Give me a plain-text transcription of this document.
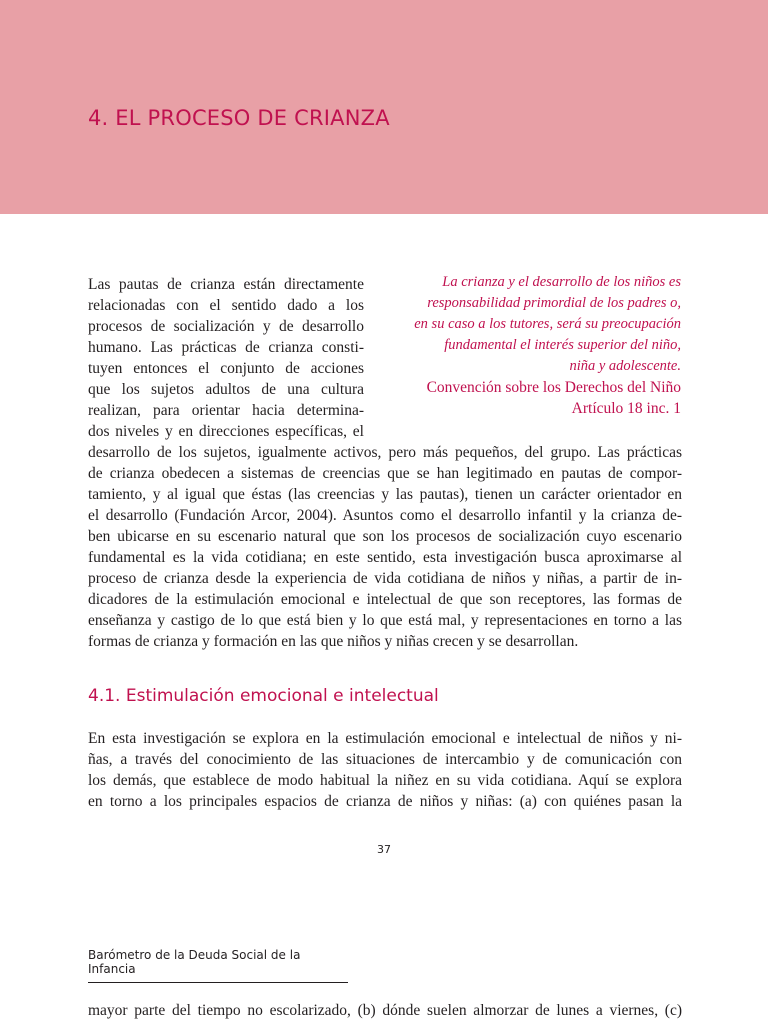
4. EL PROCESO DE CRIANZA
La crianza y el desarrollo de los niños es
responsabilidad primordial de los padres o,
en su caso a los tutores, será su preocupación
fundamental el interés superior del niño,
niña y adolescente.
Convención sobre los Derechos del Niño
Artículo 18 inc. 1
Las pautas de crianza están directamente
relacionadas con el sentido dado a los
procesos de socialización y de desarrollo
humano. Las prácticas de crianza consti-
tuyen entonces el conjunto de acciones
que los sujetos adultos de una cultura
realizan, para orientar hacia determina-
dos niveles y en direcciones específicas, el
desarrollo de los sujetos, igualmente activos, pero más pequeños, del grupo. Las prácticas
de crianza obedecen a sistemas de creencias que se han legitimado en pautas de compor-
tamiento, y al igual que éstas (las creencias y las pautas), tienen un carácter orientador en
el desarrollo (Fundación Arcor, 2004). Asuntos como el desarrollo infantil y la crianza de-
ben ubicarse en su escenario natural que son los procesos de socialización cuyo escenario
fundamental es la vida cotidiana; en este sentido, esta investigación busca aproximarse al
proceso de crianza desde la experiencia de vida cotidiana de niños y niñas, a partir de in-
dicadores de la estimulación emocional e intelectual de que son receptores, las formas de
enseñanza y castigo de lo que está bien y lo que está mal, y representaciones en torno a las
formas de crianza y formación en las que niños y niñas crecen y se desarrollan.
4.1. Estimulación emocional e intelectual
En esta investigación se explora en la estimulación emocional e intelectual de niños y ni-
ñas, a través del conocimiento de las situaciones de intercambio y de comunicación con
los demás, que establece de modo habitual la niñez en su vida cotidiana. Aquí se explora
en torno a los principales espacios de crianza de niños y niñas: (a) con quiénes pasan la
37
Barómetro de la Deuda Social de la Infancia
mayor parte del tiempo no escolarizado, (b) dónde suelen almorzar de lunes a viernes, (c)
